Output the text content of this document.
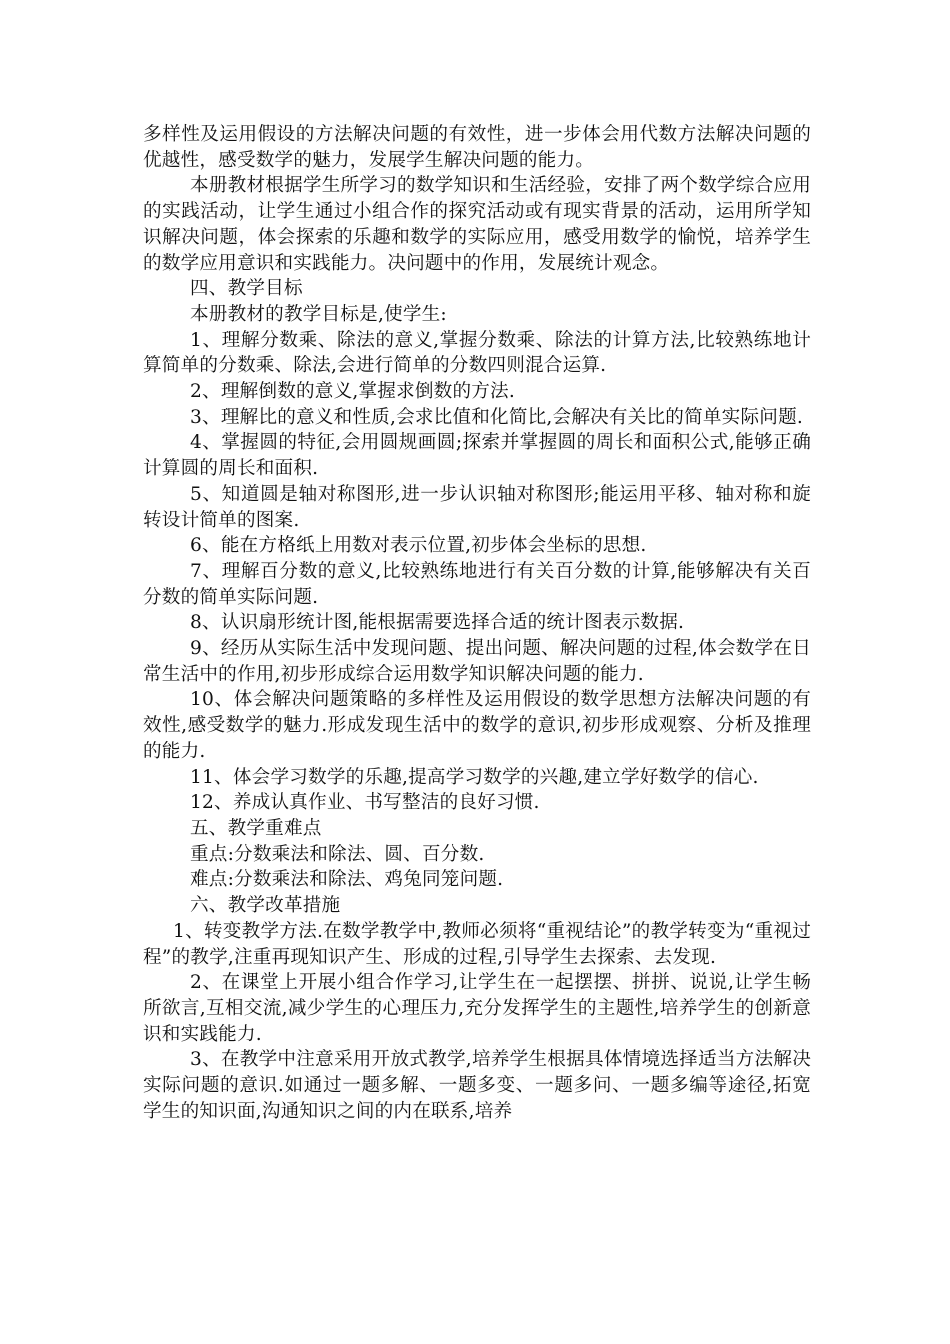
多样性及运用假设的方法解决问题的有效性，进一步体会用代数方法解决问题的优越性，感受数学的魅力，发展学生解决问题的能力。

本册教材根据学生所学习的数学知识和生活经验，安排了两个数学综合应用的实践活动，让学生通过小组合作的探究活动或有现实背景的活动，运用所学知识解决问题，体会探索的乐趣和数学的实际应用，感受用数学的愉悦，培养学生的数学应用意识和实践能力。决问题中的作用，发展统计观念。

四、教学目标

本册教材的教学目标是,使学生:

1、理解分数乘、除法的意义,掌握分数乘、除法的计算方法,比较熟练地计算简单的分数乘、除法,会进行简单的分数四则混合运算.

2、理解倒数的意义,掌握求倒数的方法.

3、理解比的意义和性质,会求比值和化简比,会解决有关比的简单实际问题.

4、掌握圆的特征,会用圆规画圆;探索并掌握圆的周长和面积公式,能够正确计算圆的周长和面积.

5、知道圆是轴对称图形,进一步认识轴对称图形;能运用平移、轴对称和旋转设计简单的图案.

6、能在方格纸上用数对表示位置,初步体会坐标的思想.

7、理解百分数的意义,比较熟练地进行有关百分数的计算,能够解决有关百分数的简单实际问题.

8、认识扇形统计图,能根据需要选择合适的统计图表示数据.

9、经历从实际生活中发现问题、提出问题、解决问题的过程,体会数学在日常生活中的作用,初步形成综合运用数学知识解决问题的能力.

10、体会解决问题策略的多样性及运用假设的数学思想方法解决问题的有效性,感受数学的魅力.形成发现生活中的数学的意识,初步形成观察、分析及推理的能力.

11、体会学习数学的乐趣,提高学习数学的兴趣,建立学好数学的信心.

12、养成认真作业、书写整洁的良好习惯.

五、教学重难点

重点:分数乘法和除法、圆、百分数.

难点:分数乘法和除法、鸡兔同笼问题.

六、教学改革措施

1、转变教学方法.在数学教学中,教师必须将“重视结论”的教学转变为“重视过程”的教学,注重再现知识产生、形成的过程,引导学生去探索、去发现.

2、在课堂上开展小组合作学习,让学生在一起摆摆、拼拼、说说,让学生畅所欲言,互相交流,减少学生的心理压力,充分发挥学生的主题性,培养学生的创新意识和实践能力.

3、在教学中注意采用开放式教学,培养学生根据具体情境选择适当方法解决实际问题的意识.如通过一题多解、一题多变、一题多问、一题多编等途径,拓宽学生的知识面,沟通知识之间的内在联系,培养
